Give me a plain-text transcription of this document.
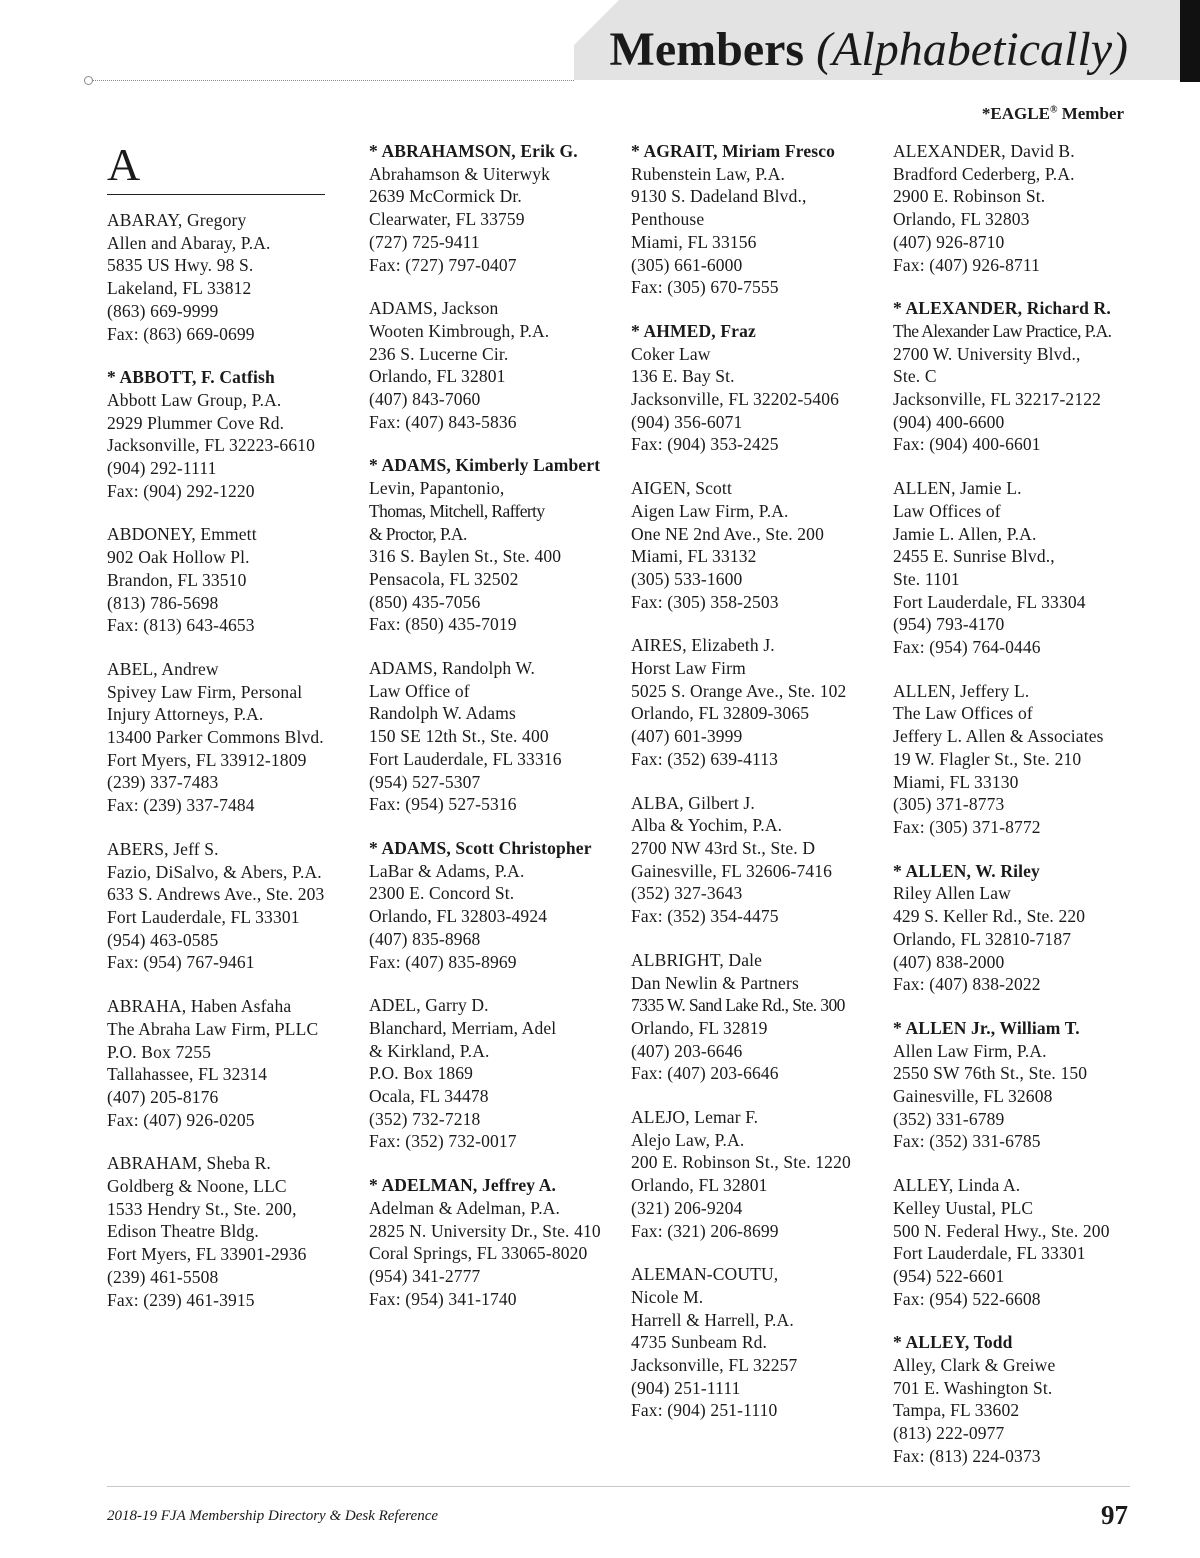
Members (Alphabetically)
*EAGLE® Member
A
ABARAY, Gregory
Allen and Abaray, P.A.
5835 US Hwy. 98 S.
Lakeland, FL 33812
(863) 669-9999
Fax: (863) 669-0699
* ABBOTT, F. Catfish
Abbott Law Group, P.A.
2929 Plummer Cove Rd.
Jacksonville, FL 32223-6610
(904) 292-1111
Fax: (904) 292-1220
ABDONEY, Emmett
902 Oak Hollow Pl.
Brandon, FL 33510
(813) 786-5698
Fax: (813) 643-4653
ABEL, Andrew
Spivey Law Firm, Personal
Injury Attorneys, P.A.
13400 Parker Commons Blvd.
Fort Myers, FL 33912-1809
(239) 337-7483
Fax: (239) 337-7484
ABERS, Jeff S.
Fazio, DiSalvo, & Abers, P.A.
633 S. Andrews Ave., Ste. 203
Fort Lauderdale, FL 33301
(954) 463-0585
Fax: (954) 767-9461
ABRAHA, Haben Asfaha
The Abraha Law Firm, PLLC
P.O. Box 7255
Tallahassee, FL 32314
(407) 205-8176
Fax: (407) 926-0205
ABRAHAM, Sheba R.
Goldberg & Noone, LLC
1533 Hendry St., Ste. 200,
Edison Theatre Bldg.
Fort Myers, FL 33901-2936
(239) 461-5508
Fax: (239) 461-3915
* ABRAHAMSON, Erik G.
Abrahamson & Uiterwyk
2639 McCormick Dr.
Clearwater, FL 33759
(727) 725-9411
Fax: (727) 797-0407
ADAMS, Jackson
Wooten Kimbrough, P.A.
236 S. Lucerne Cir.
Orlando, FL 32801
(407) 843-7060
Fax: (407) 843-5836
* ADAMS, Kimberly Lambert
Levin, Papantonio,
Thomas, Mitchell, Rafferty
& Proctor, P.A.
316 S. Baylen St., Ste. 400
Pensacola, FL 32502
(850) 435-7056
Fax: (850) 435-7019
ADAMS, Randolph W.
Law Office of
Randolph W. Adams
150 SE 12th St., Ste. 400
Fort Lauderdale, FL 33316
(954) 527-5307
Fax: (954) 527-5316
* ADAMS, Scott Christopher
LaBar & Adams, P.A.
2300 E. Concord St.
Orlando, FL 32803-4924
(407) 835-8968
Fax: (407) 835-8969
ADEL, Garry D.
Blanchard, Merriam, Adel
& Kirkland, P.A.
P.O. Box 1869
Ocala, FL 34478
(352) 732-7218
Fax: (352) 732-0017
* ADELMAN, Jeffrey A.
Adelman & Adelman, P.A.
2825 N. University Dr., Ste. 410
Coral Springs, FL 33065-8020
(954) 341-2777
Fax: (954) 341-1740
* AGRAIT, Miriam Fresco
Rubenstein Law, P.A.
9130 S. Dadeland Blvd.,
Penthouse
Miami, FL 33156
(305) 661-6000
Fax: (305) 670-7555
* AHMED, Fraz
Coker Law
136 E. Bay St.
Jacksonville, FL 32202-5406
(904) 356-6071
Fax: (904) 353-2425
AIGEN, Scott
Aigen Law Firm, P.A.
One NE 2nd Ave., Ste. 200
Miami, FL 33132
(305) 533-1600
Fax: (305) 358-2503
AIRES, Elizabeth J.
Horst Law Firm
5025 S. Orange Ave., Ste. 102
Orlando, FL 32809-3065
(407) 601-3999
Fax: (352) 639-4113
ALBA, Gilbert J.
Alba & Yochim, P.A.
2700 NW 43rd St., Ste. D
Gainesville, FL 32606-7416
(352) 327-3643
Fax: (352) 354-4475
ALBRIGHT, Dale
Dan Newlin & Partners
7335 W. Sand Lake Rd., Ste. 300
Orlando, FL 32819
(407) 203-6646
Fax: (407) 203-6646
ALEJO, Lemar F.
Alejo Law, P.A.
200 E. Robinson St., Ste. 1220
Orlando, FL 32801
(321) 206-9204
Fax: (321) 206-8699
ALEMAN-COUTU,
Nicole M.
Harrell & Harrell, P.A.
4735 Sunbeam Rd.
Jacksonville, FL 32257
(904) 251-1111
Fax: (904) 251-1110
ALEXANDER, David B.
Bradford Cederberg, P.A.
2900 E. Robinson St.
Orlando, FL 32803
(407) 926-8710
Fax: (407) 926-8711
* ALEXANDER, Richard R.
The Alexander Law Practice, P.A.
2700 W. University Blvd.,
Ste. C
Jacksonville, FL 32217-2122
(904) 400-6600
Fax: (904) 400-6601
ALLEN, Jamie L.
Law Offices of
Jamie L. Allen, P.A.
2455 E. Sunrise Blvd.,
Ste. 1101
Fort Lauderdale, FL 33304
(954) 793-4170
Fax: (954) 764-0446
ALLEN, Jeffery L.
The Law Offices of
Jeffery L. Allen & Associates
19 W. Flagler St., Ste. 210
Miami, FL 33130
(305) 371-8773
Fax: (305) 371-8772
* ALLEN, W. Riley
Riley Allen Law
429 S. Keller Rd., Ste. 220
Orlando, FL 32810-7187
(407) 838-2000
Fax: (407) 838-2022
* ALLEN Jr., William T.
Allen Law Firm, P.A.
2550 SW 76th St., Ste. 150
Gainesville, FL 32608
(352) 331-6789
Fax: (352) 331-6785
ALLEY, Linda A.
Kelley Uustal, PLC
500 N. Federal Hwy., Ste. 200
Fort Lauderdale, FL 33301
(954) 522-6601
Fax: (954) 522-6608
* ALLEY, Todd
Alley, Clark & Greiwe
701 E. Washington St.
Tampa, FL 33602
(813) 222-0977
Fax: (813) 224-0373
2018-19 FJA Membership Directory & Desk Reference	97
